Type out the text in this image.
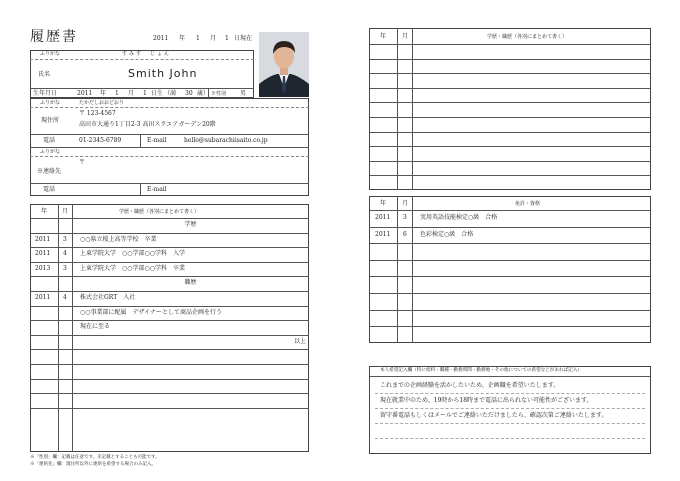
履歴書	2011 年 1 月 1 日現在
ふりがな	すみす　じょん
氏名	Smith John
生年月日	2011 年 1 月 1 日生 （満 30 歳） ※性別 男
ふりがな	たかだしおおどおり
現住所
〒 123-4567
高田市大通り1丁目2-3 高田スクエアガーデン20階
電話	01-2345-6789	E-mail	hello@subarachiisaito.co.jp
ふりがな
〒
※連絡先
電話	E-mail
年 月	学歴・職歴（各別にまとめて書く）
学歴
2011 3 ○○県立桜上高等学校　卒業
2011 4 上東学院大学　○○学部○○学科　入学
2013 3 上東学院大学　○○学部○○学科　卒業
職歴
2011 4 株式会社GRT　入社
○○事業部に配属　デザイナーとして商品企画を行う
現在に至る
以上
※「性別」欄：記載は任意です。未記載とすることも可能です。
※「連絡先」欄：現住所以外に連絡を希望する場合のみ記入。
年	月	学歴・職歴（各別にまとめて書く）
年	月	免許・資格
2011 3 実用英語技能検定○級　合格
2011 6 色彩検定○級　合格
本人希望記入欄（特に給料・職種・勤務時間・勤務地・その他についての希望などがあれば記入）
これまでの企画経験を活かしたいため、企画職を希望いたします。
現在就業中のため、19時から18時まで電話に出られない可能性がございます。
留守番電話もしくはメールでご連絡いただけましたら、確認次第ご連絡いたします。
